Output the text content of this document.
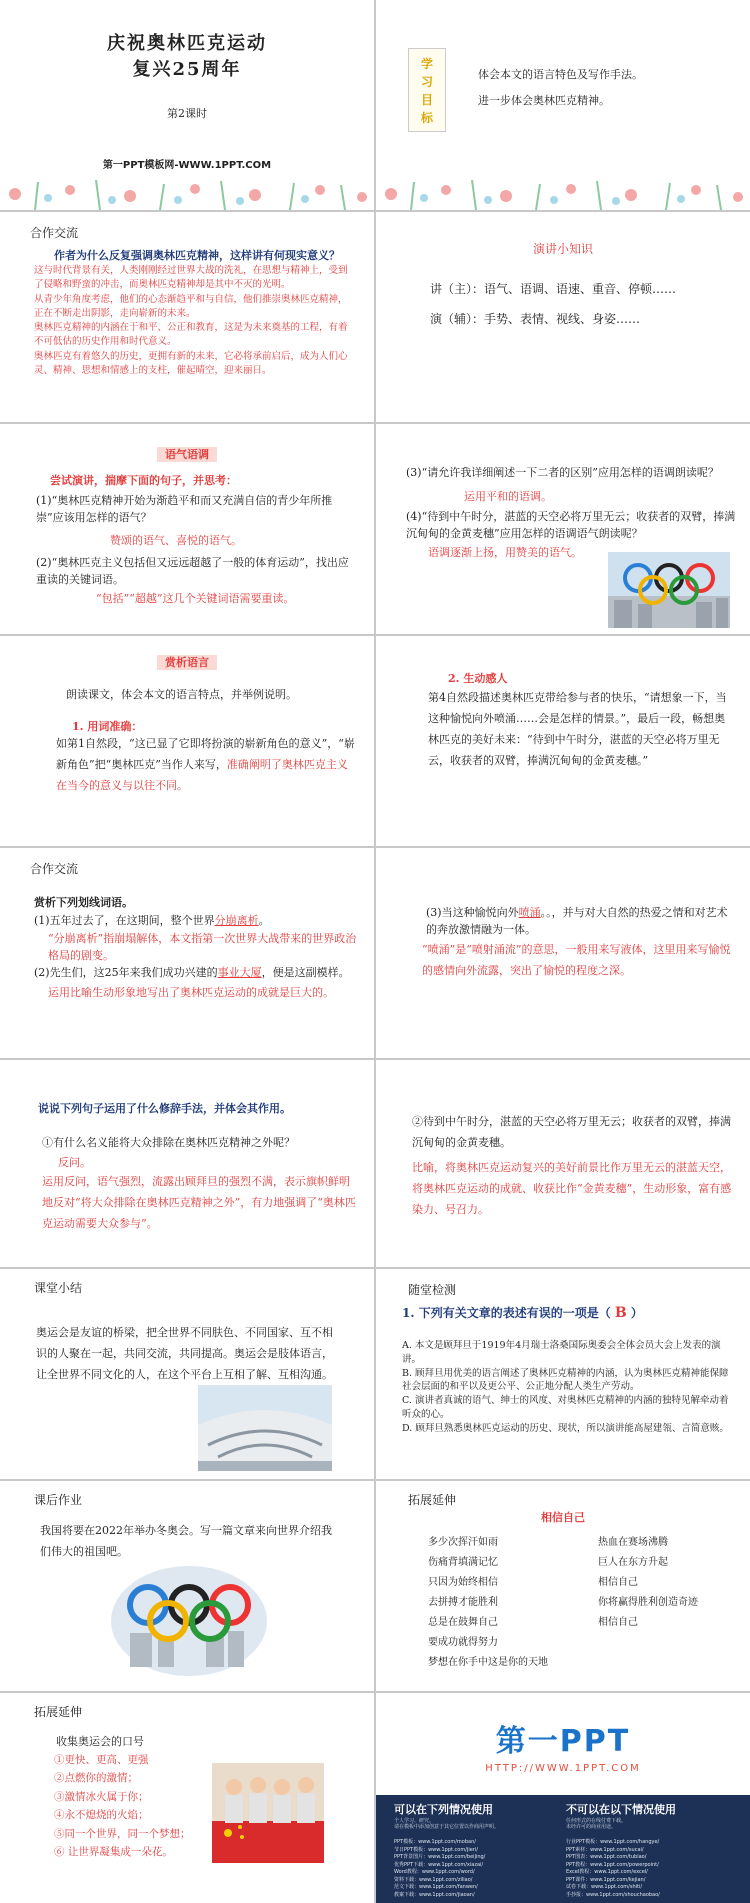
庆祝奥林匹克运动
复兴25周年
第2课时
第一PPT模板网-WWW.1PPT.COM
学
习
目
标
体会本文的语言特色及写作手法。
进一步体会奥林匹克精神。
合作交流
作者为什么反复强调奥林匹克精神，这样讲有何现实意义？

这与时代背景有关，人类刚刚经过世界大战的洗礼，在思想与精神上，受到了侵略和野蛮的冲击，而奥林匹克精神却是其中不灭的光明。

从青少年角度考虑，他们的心态渐趋平和与自信，他们推崇奥林匹克精神，正在不断走出阴影，走向崭新的未来。

奥林匹克精神的内涵在于和平、公正和教育，这是为未来奠基的工程，有着不可低估的历史作用和时代意义。

奥林匹克有着悠久的历史，更拥有新的未来，它必将承前启后，成为人们心灵、精神、思想和情感上的支柱，催起晴空，迎来丽日。

演讲小知识
讲（主）：语气、语调、语速、重音、停顿……
演（辅）：手势、表情、视线、身姿……
语气语调
尝试演讲，揣摩下面的句子，并思考：
(1)“奥林匹克精神开始为渐趋平和而又充满自信的青少年所推崇”应该用怎样的语气？
赞颂的语气、喜悦的语气。
(2)“奥林匹克主义包括但又远远超越了一般的体育运动”，找出应重读的关键词语。
“包括”“超越”这几个关键词语需要重读。
(3)“请允许我详细阐述一下二者的区别”应用怎样的语调朗读呢？
运用平和的语调。
(4)“待到中午时分，湛蓝的天空必将万里无云；收获者的双臂，捧满沉甸甸的金黄麦穗”应用怎样的语调语气朗读呢？
语调逐渐上扬，用赞美的语气。
赏析语言
朗读课文，体会本文的语言特点，并举例说明。
1. 用词准确：
如第1自然段，“这已显了它即将扮演的崭新角色的意义”，“崭新角色”把“奥林匹克”当作人来写，准确阐明了奥林匹克主义在当今的意义与以往不同。
2. 生动感人
第4自然段描述奥林匹克带给参与者的快乐，“请想象一下，当这种愉悦向外喷涌……会是怎样的情景。”，最后一段，畅想奥林匹克的美好未来：“待到中午时分，湛蓝的天空必将万里无云，收获者的双臂，捧满沉甸甸的金黄麦穗。”
合作交流
赏析下列划线词语。
(1)五年过去了，在这期间，整个世界分崩离析。
“分崩离析”指崩塌解体，本文指第一次世界大战带来的世界政治格局的剧变。
(2)先生们，这25年来我们成功兴建的事业大厦，便是这副模样。
运用比喻生动形象地写出了奥林匹克运动的成就是巨大的。
(3)当这种愉悦向外喷涌。。，并与对大自然的热爱之情和对艺术的奔放激情融为一体。
“喷涌”是“喷射涌流”的意思，一般用来写液体，这里用来写愉悦的感情向外流露，突出了愉悦的程度之深。
说说下列句子运用了什么修辞手法，并体会其作用。
①有什么名义能将大众排除在奥林匹克精神之外呢？
反问。
运用反问，语气强烈，流露出顾拜旦的强烈不满，表示旗帜鲜明地反对“将大众排除在奥林匹克精神之外”，有力地强调了“奥林匹克运动需要大众参与”。
②待到中午时分，湛蓝的天空必将万里无云；收获者的双臂，捧满沉甸甸的金黄麦穗。
比喻，将奥林匹克运动复兴的美好前景比作万里无云的湛蓝天空，将奥林匹克运动的成就、收获比作“金黄麦穗”，生动形象，富有感染力、号召力。
课堂小结
奥运会是友谊的桥梁，把全世界不同肤色、不同国家、互不相识的人聚在一起，共同交流，共同提高。奥运会是肢体语言，让全世界不同文化的人，在这个平台上互相了解、互相沟通。
随堂检测
1. 下列有关文章的表述有误的一项是（ B ）

A. 本文是顾拜旦于1919年4月瑞士洛桑国际奥委会全体会员大会上发表的演讲。

B. 顾拜旦用优美的语言阐述了奥林匹克精神的内涵，认为奥林匹克精神能保障社会层面的和平以及更公平、公正地分配人类生产劳动。

C. 演讲者真诚的语气、绅士的风度、对奥林匹克精神的内涵的独特见解牵动着听众的心。

D. 顾拜旦熟悉奥林匹克运动的历史、现状，所以演讲能高屋建瓴、言简意赅。

课后作业
我国将要在2022年举办冬奥会。写一篇文章来向世界介绍我们伟大的祖国吧。
拓展延伸
相信自己

多少次挥汗如雨

伤痛背填满记忆

只因为始终相信

去拼搏才能胜利

总是在鼓舞自己

要成功就得努力

梦想在你手中这是你的天地

热血在赛场沸腾

巨人在东方升起

相信自己

你将赢得胜利创造奇迹

相信自己

拓展延伸
收集奥运会的口号

①更快、更高、更强

②点燃你的激情；

③激情冰火属于你；

④永不熄烧的火焰；

⑤同一个世界，同一个梦想；

⑥ 让世界凝集成一朵花。

第一PPT
HTTP://WWW.1PPT.COM
可以在下列情况使用	不可以在以下情况使用

个人学习、研究。

请在模板中添加创意于其它位置以作商用声明。

任何形式的在线付费下载。

未经许可的商业用途。

PPT模板：www.1ppt.com/moban/

节日PPT模板：www.1ppt.com/jieri/

PPT背景图片：www.1ppt.com/beijing/

优秀PPT下载：www.1ppt.com/xiazai/

Word教程：www.1ppt.com/word/

资料下载：www.1ppt.com/ziliao/

范文下载：www.1ppt.com/fanwen/

教案下载：www.1ppt.com/jiaoan/

行业PPT模板：www.1ppt.com/hangye/

PPT素材：www.1ppt.com/sucai/

PPT图表：www.1ppt.com/tubiao/

PPT教程：www.1ppt.com/powerpoint/

Excel教程：www.1ppt.com/excel/

PPT课件：www.1ppt.com/kejian/

试卷下载：www.1ppt.com/shiti/

手抄报：www.1ppt.com/shouchaobao/
